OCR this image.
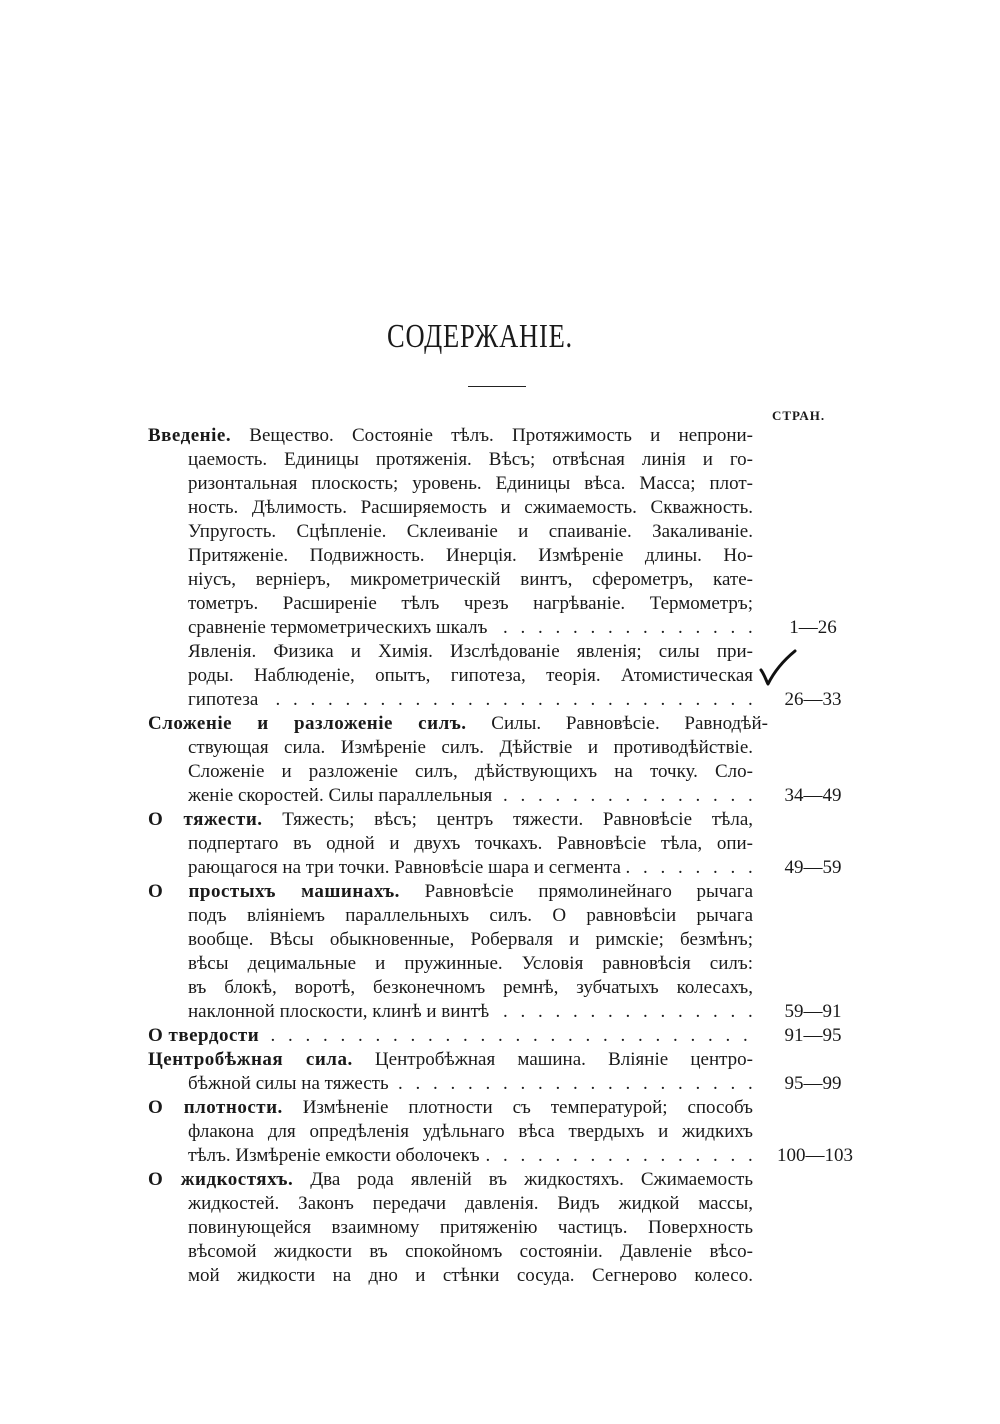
СОДЕРЖАНІЕ.
СТРАН.
Введеніе. Вещество. Состояніе тѣлъ. Протяжимость и непрони-
цаемость. Единицы протяженія. Вѣсъ; отвѣсная линія и го-
ризонтальная плоскость; уровень. Единицы вѣса. Масса; плот-
ность. Дѣлимость. Расширяемость и сжимаемость. Скважность.
Упругость. Сцѣпленіе. Склеиваніе и спаиваніе. Закаливаніе.
Притяженіе. Подвижность. Инерція. Измѣреніе длины. Но-
ніусъ, верніеръ, микрометрическій винтъ, сферометръ, кате-
тометръ. Расширеніе тѣлъ чрезъ нагрѣваніе. Термометръ;
сравненіе термометрическихъ шкалъ . . .	1—26
Явленія. Физика и Химія. Изслѣдованіе явленія; силы при-
роды. Наблюденіе, опытъ, гипотеза, теорія. Атомистическая
гипотеза . . .	26—33
Сложеніе и разложеніе силъ. Силы. Равновѣсіе. Равнодѣй-
ствующая сила. Измѣреніе силъ. Дѣйствіе и противодѣйствіе.
Сложеніе и разложеніе силъ, дѣйствующихъ на точку. Сло-
женіе скоростей. Силы параллельныя . . .	34—49
О тяжести. Тяжесть; вѣсъ; центръ тяжести. Равновѣсіе тѣла,
подпертаго въ одной и двухъ точкахъ. Равновѣсіе тѣла, опи-
рающагося на три точки. Равновѣсіе шара и сегмента . . .	49—59
О простыхъ машинахъ. Равновѣсіе прямолинейнаго рычага
подъ вліяніемъ параллельныхъ силъ. О равновѣсіи рычага
вообще. Вѣсы обыкновенные, Роберваля и римскіе; безмѣнъ;
вѣсы децимальные и пружинные. Условія равновѣсія силъ:
въ блокѣ, воротѣ, безконечномъ ремнѣ, зубчатыхъ колесахъ,
наклонной плоскости, клинѣ и винтѣ . . .	59—91
О твердости . . .	91—95
Центробѣжная сила. Центробѣжная машина. Вліяніе центро-
бѣжной силы на тяжесть . . .	95—99
О плотности. Измѣненіе плотности съ температурой; способъ
флакона для опредѣленія удѣльнаго вѣса твердыхъ и жидкихъ
тѣлъ. Измѣреніе емкости оболочекъ . . .	100—103
О жидкостяхъ. Два рода явленій въ жидкостяхъ. Сжимаемость
жидкостей. Законъ передачи давленія. Видъ жидкой массы,
повинующейся взаимному притяженію частицъ. Поверхность
вѣсомой жидкости въ спокойномъ состояніи. Давленіе вѣсо-
мой жидкости на дно и стѣнки сосуда. Сегнерово колесо.
